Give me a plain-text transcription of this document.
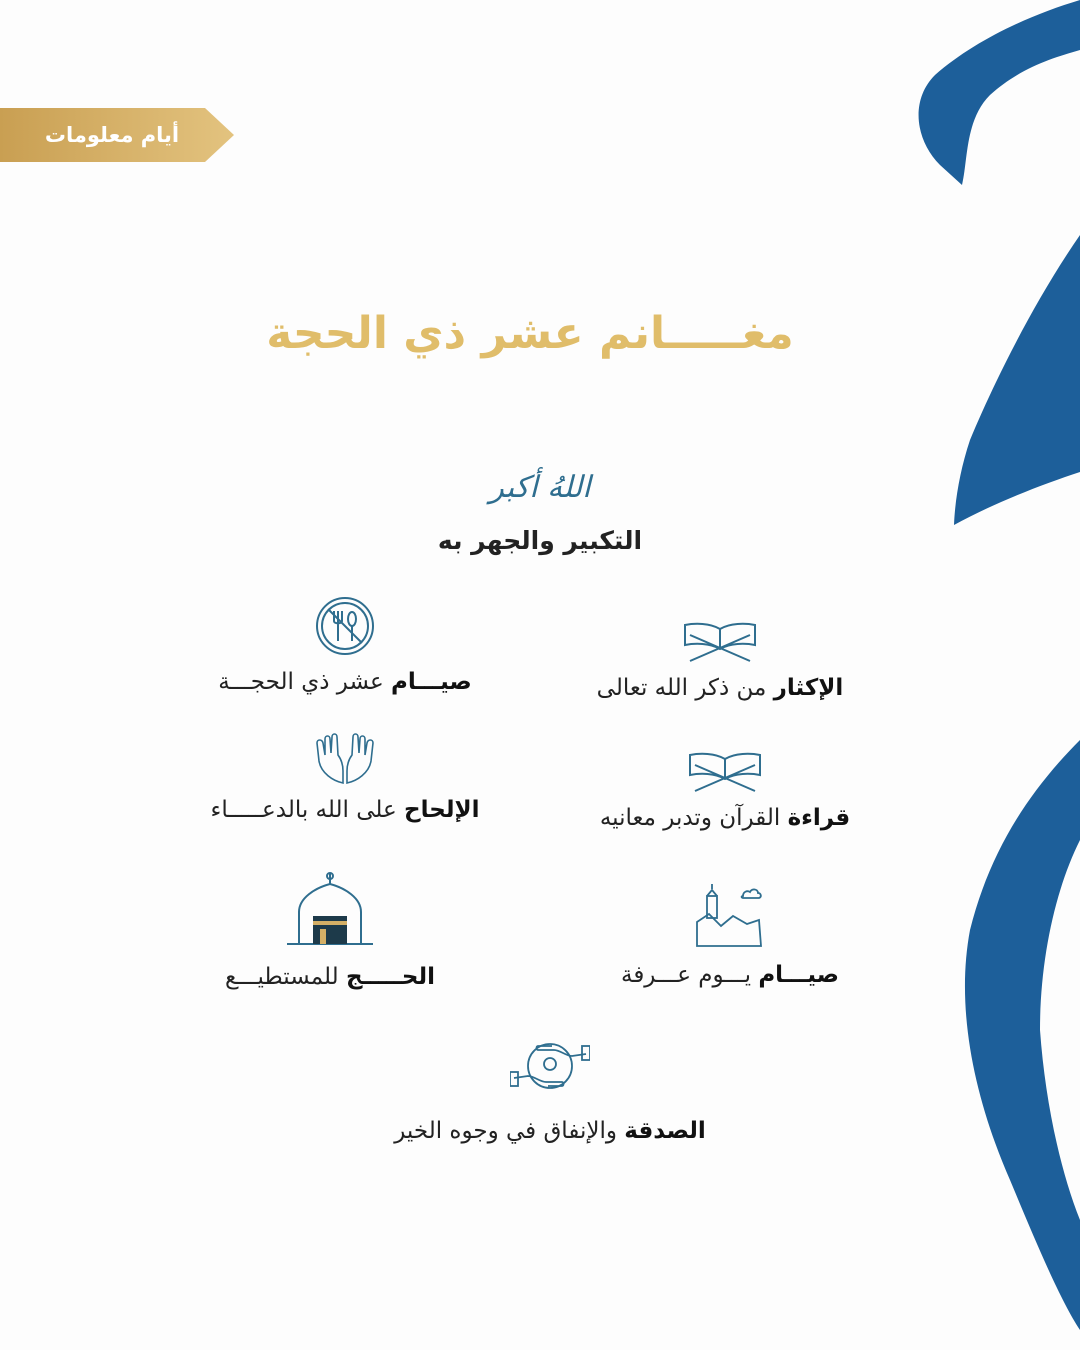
أيام معلومات
مغـــــانم عشر ذي الحجة
اللهُ أكبر
التكبير والجهر به
الإكثار من ذكر الله تعالى
صيـــام عشر ذي الحجـــة
قراءة القرآن وتدبر معانيه
الإلحاح على الله بالدعـــــاء
صيـــام يـــوم عـــرفة
الحـــــج للمستطيـــع
الصدقة والإنفاق في وجوه الخير
